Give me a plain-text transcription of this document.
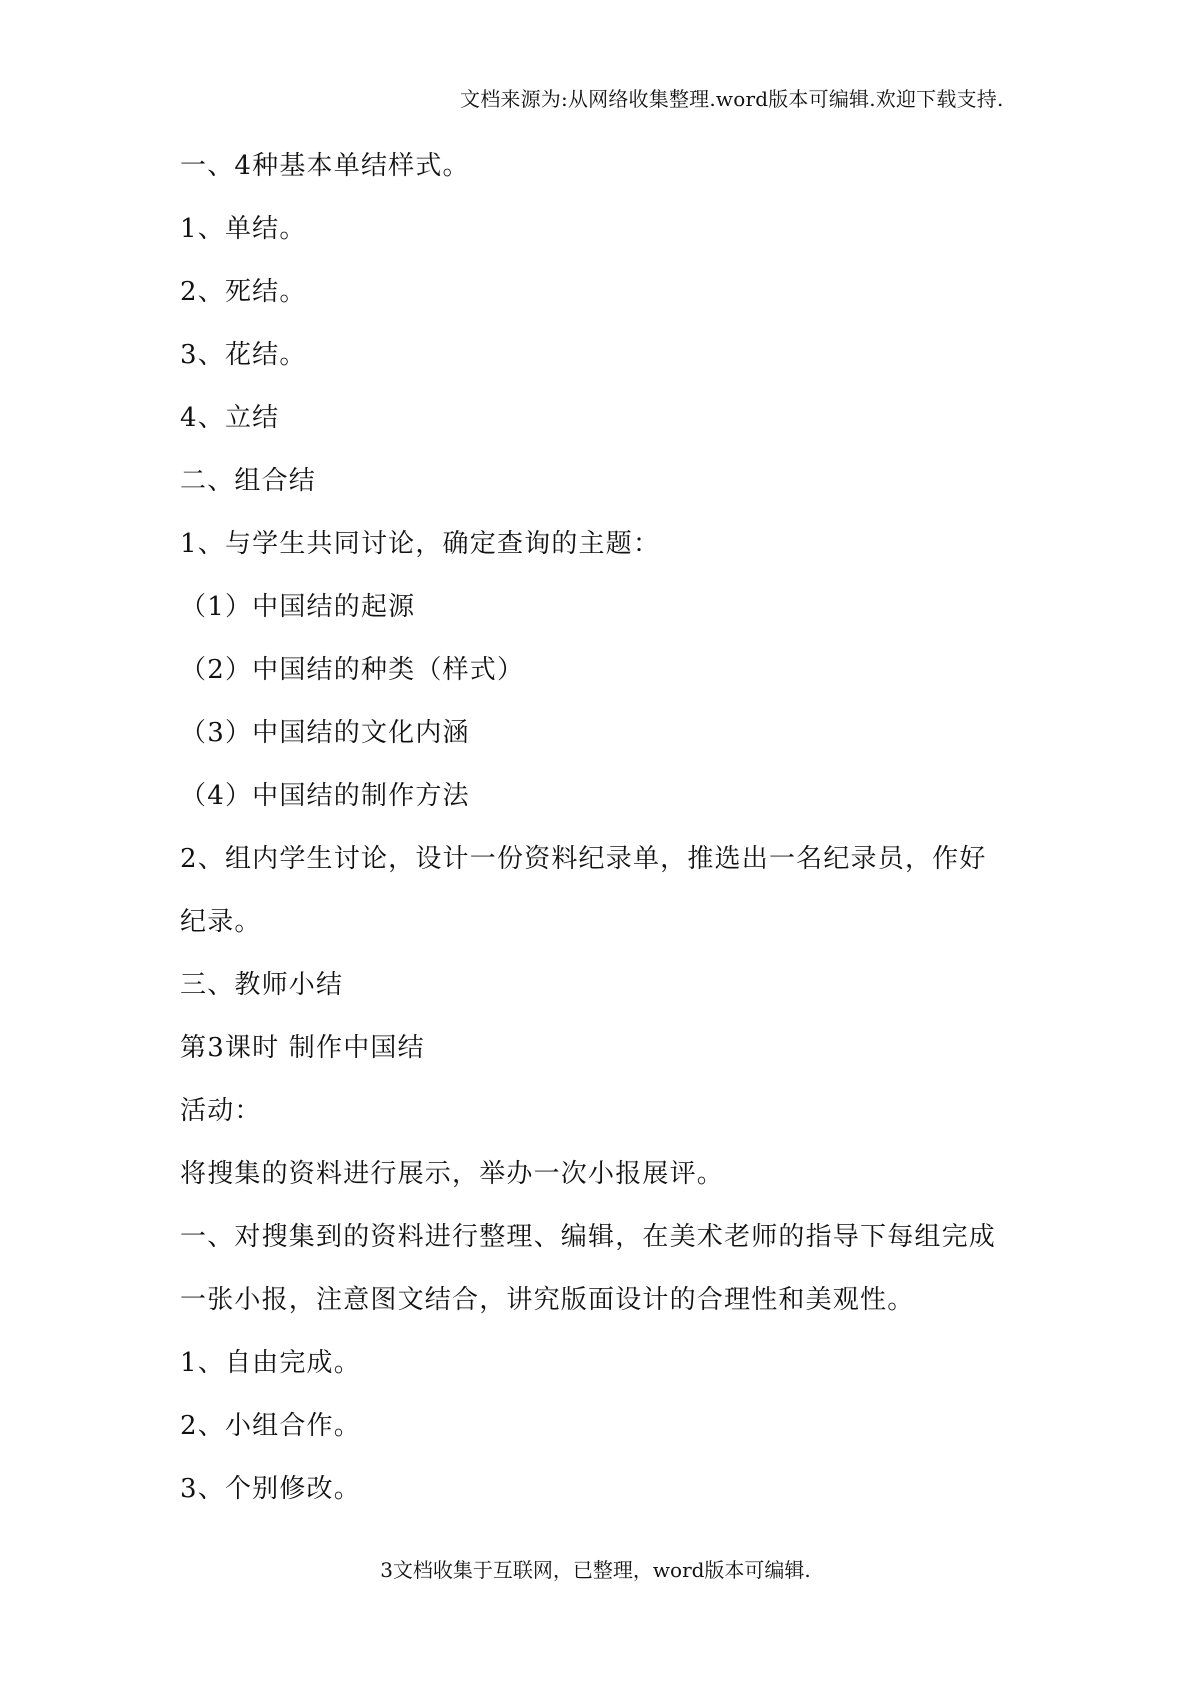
文档来源为:从网络收集整理.word版本可编辑.欢迎下载支持.
一、4种基本单结样式。
1、单结。
2、死结。
3、花结。
4、立结
二、组合结
1、与学生共同讨论，确定查询的主题：
（1）中国结的起源
（2）中国结的种类（样式）
（3）中国结的文化内涵
（4）中国结的制作方法
2、组内学生讨论，设计一份资料纪录单，推选出一名纪录员，作好
纪录。
三、教师小结
第3课时 制作中国结
活动：
将搜集的资料进行展示，举办一次小报展评。
一、对搜集到的资料进行整理、编辑，在美术老师的指导下每组完成
一张小报，注意图文结合，讲究版面设计的合理性和美观性。
1、自由完成。
2、小组合作。
3、个别修改。
3文档收集于互联网，已整理，word版本可编辑.
